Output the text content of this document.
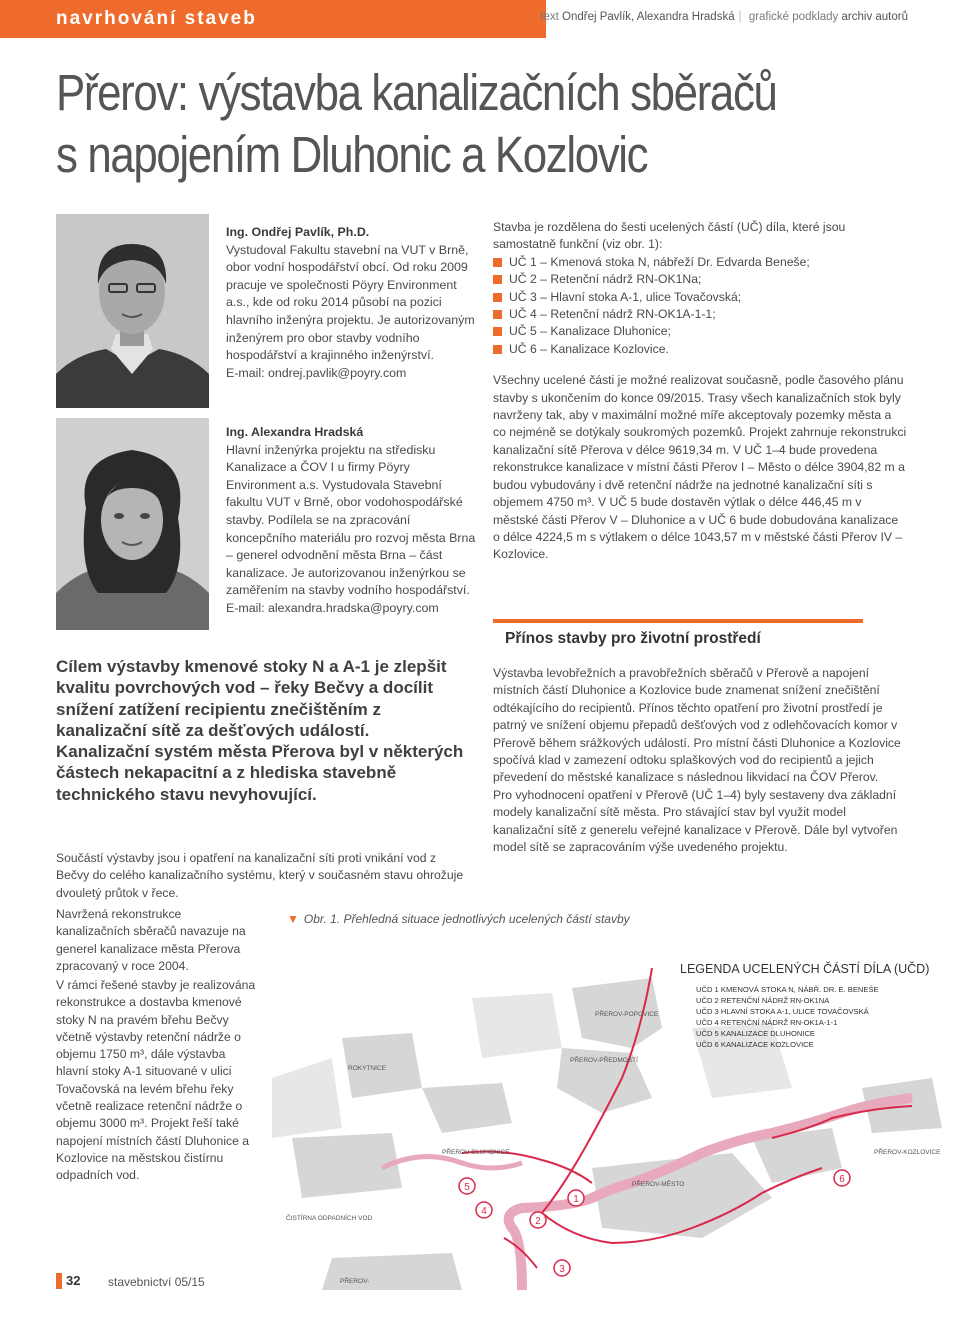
navrhování staveb	text Ondřej Pavlík, Alexandra Hradská | grafické podklady archiv autorů
Přerov: výstavba kanalizačních sběračů
s napojením Dluhonic a Kozlovic
Ing. Ondřej Pavlík, Ph.D.
Vystudoval Fakultu stavební na VUT v Brně, obor vodní hospodářství obcí. Od roku 2009 pracuje ve společnosti Pöyry Environment a.s., kde od roku 2014 působí na pozici hlavního inženýra projektu. Je autorizovaným inženýrem pro obor stavby vodního hospodářství a krajinného inženýrství.
E-mail: ondrej.pavlik@poyry.com
Ing. Alexandra Hradská
Hlavní inženýrka projektu na středisku Kanalizace a ČOV I u firmy Pöyry Environment a.s. Vystudovala Stavební fakultu VUT v Brně, obor vodohospodářské stavby. Podílela se na zpracování koncepčního materiálu pro rozvoj města Brna – generel odvodnění města Brna – část kanalizace. Je autorizovanou inženýrkou se zaměřením na stavby vodního hospodářství.
E-mail: alexandra.hradska@poyry.com

Stavba je rozdělena do šesti ucelených částí (UČ) díla, které jsou samostatně funkční (viz obr. 1):

UČ 1 – Kmenová stoka N, nábřeží Dr. Edvarda Beneše;
UČ 2 – Retenční nádrž RN-OK1Na;
UČ 3 – Hlavní stoka A-1, ulice Tovačovská;
UČ 4 – Retenční nádrž RN-OK1A-1-1;
UČ 5 – Kanalizace Dluhonice;
UČ 6 – Kanalizace Kozlovice.

Všechny ucelené části je možné realizovat současně, podle časového plánu stavby s ukončením do konce 09/2015. Trasy všech kanalizačních stok byly navrženy tak, aby v maximální možné míře akceptovaly pozemky města a co nejméně se dotýkaly soukromých pozemků. Projekt zahrnuje rekonstrukci kanalizační sítě Přerova v délce 9619,34 m. V UČ 1–4 bude provedena rekonstrukce kanalizace v místní části Přerov I – Město o délce 3904,82 m a budou vybudovány i dvě retenční nádrže na jednotné kanalizační síti s objemem 4750 m³. V UČ 5 bude dostavěn výtlak o délce 446,45 m v městské části Přerov V – Dluhonice a v UČ 6 bude dobudována kanalizace o délce 4224,5 m s výtlakem o délce 1043,57 m v městské části Přerov IV – Kozlovice.

Přínos stavby pro životní prostředí

Výstavba levobřežních a pravobřežních sběračů v Přerově a napojení místních částí Dluhonice a Kozlovice bude znamenat snížení znečištění odtékajícího do recipientů. Přínos těchto opatření pro životní prostředí je patrný ve snížení objemu přepadů dešťových vod z odlehčovacích komor v Přerově během srážkových událostí. Pro místní části Dluhonice a Kozlovice spočívá klad v zamezení odtoku splaškových vod do recipientů a jejich převedení do městské kanalizace s následnou likvidací na ČOV Přerov.

Pro vyhodnocení opatření v Přerově (UČ 1–4) byly sestaveny dva základní modely kanalizační sítě města. Pro stávající stav byl využit model kanalizační sítě z generelu veřejné kanalizace v Přerově. Dále byl vytvořen model sítě se zapracováním výše uvedeného projektu.

Cílem výstavby kmenové stoky N a A-1 je zlepšit kvalitu povrchových vod – řeky Bečvy a docílit snížení zatížení recipientu znečištěním z kanalizační sítě za dešťových událostí. Kanalizační systém města Přerova byl v některých částech nekapacitní a z hlediska stavebně technického stavu nevyhovující.
Součástí výstavby jsou i opatření na kanalizační síti proti vnikání vod z Bečvy do celého kanalizačního systému, který v současném stavu ohrožuje dvouletý průtok v řece.
Navržená rekonstrukce kanalizačních sběračů navazuje na generel kanalizace města Přerova zpracovaný v roce 2004.
V rámci řešené stavby je realizována rekonstrukce a dostavba kmenové stoky N na pravém břehu Bečvy včetně výstavby retenční nádrže o objemu 1750 m³, dále výstavba hlavní stoky A-1 situované v ulici Tovačovská na levém břehu řeky včetně realizace retenční nádrže o objemu 3000 m³. Projekt řeší také napojení místních částí Dluhonice a Kozlovice na městskou čistírnu odpadních vod.
▼ Obr. 1. Přehledná situace jednotlivých ucelených částí stavby
PŘEROV-POPOVICE
PŘEROV-PŘEDMOSTÍ
ROKYTNICE
PŘEROV-DLUHONICE	PŘEROV-KOZLOVICE
PŘEROV-MĚSTO
ČISTÍRNA ODPADNÍCH VOD
PŘEROV-
1
2
3
4
5
6
LEGENDA UCELENÝCH ČÁSTÍ DÍLA (UČD)
UČD 1 KMENOVÁ STOKA N, NÁBŘ. DR. E. BENEŠE
UČD 2 RETENČNÍ NÁDRŽ RN-OK1NA
UČD 3 HLAVNÍ STOKA A-1, ULICE TOVAČOVSKÁ
UČD 4 RETENČNÍ NÁDRŽ RN-OK1A-1-1
UČD 5 KANALIZACE DLUHONICE
UČD 6 KANALIZACE KOZLOVICE
32 stavebnictví 05/15
